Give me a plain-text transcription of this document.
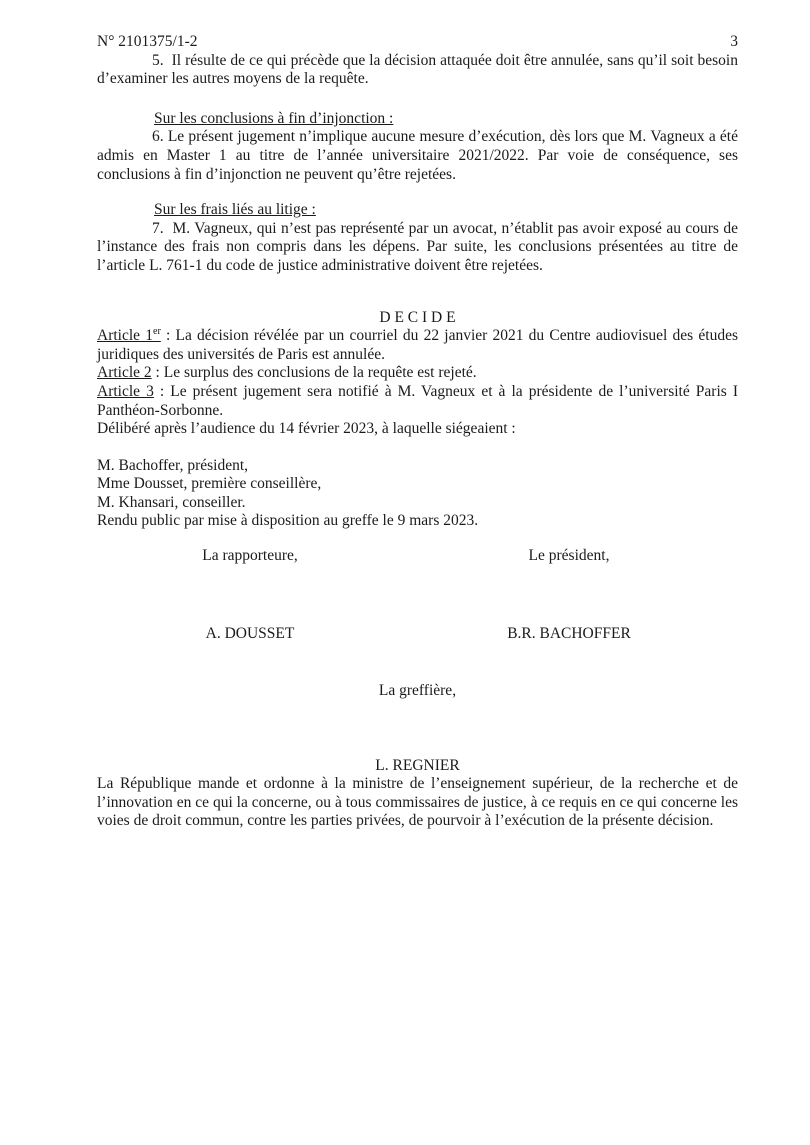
N° 2101375/1-2	3

5.  Il résulte de ce qui précède que la décision attaquée doit être annulée, sans qu’il soit besoin d’examiner les autres moyens de la requête.

Sur les conclusions à fin d’injonction :

6. Le présent jugement n’implique aucune mesure d’exécution, dès lors que M. Vagneux a été admis en Master 1 au titre de l’année universitaire 2021/2022. Par voie de conséquence, ses conclusions à fin d’injonction ne peuvent qu’être rejetées.

Sur les frais liés au litige :

7.  M. Vagneux, qui n’est pas représenté par un avocat, n’établit pas avoir exposé au cours de l’instance des frais non compris dans les dépens. Par suite, les conclusions présentées au titre de l’article L. 761-1 du code de justice administrative doivent être rejetées.

D E C I D E

Article 1er : La décision révélée par un courriel du 22 janvier 2021 du Centre audiovisuel des études juridiques des universités de Paris est annulée.

Article 2 : Le surplus des conclusions de la requête est rejeté.

Article 3 : Le présent jugement sera notifié à M. Vagneux et à la présidente de l’université Paris I Panthéon-Sorbonne.

Délibéré après l’audience du 14 février 2023, à laquelle siégeaient :

M. Bachoffer, président,
Mme Dousset, première conseillère,
M. Khansari, conseiller.

Rendu public par mise à disposition au greffe le 9 mars 2023.

La rapporteure,	Le président,
A. DOUSSET	B.R. BACHOFFER

La greffière,

L. REGNIER

La République mande et ordonne à la ministre de l’enseignement supérieur, de la recherche et de l’innovation en ce qui la concerne, ou à tous commissaires de justice, à ce requis en ce qui concerne les voies de droit commun, contre les parties privées, de pourvoir à l’exécution de la présente décision.
